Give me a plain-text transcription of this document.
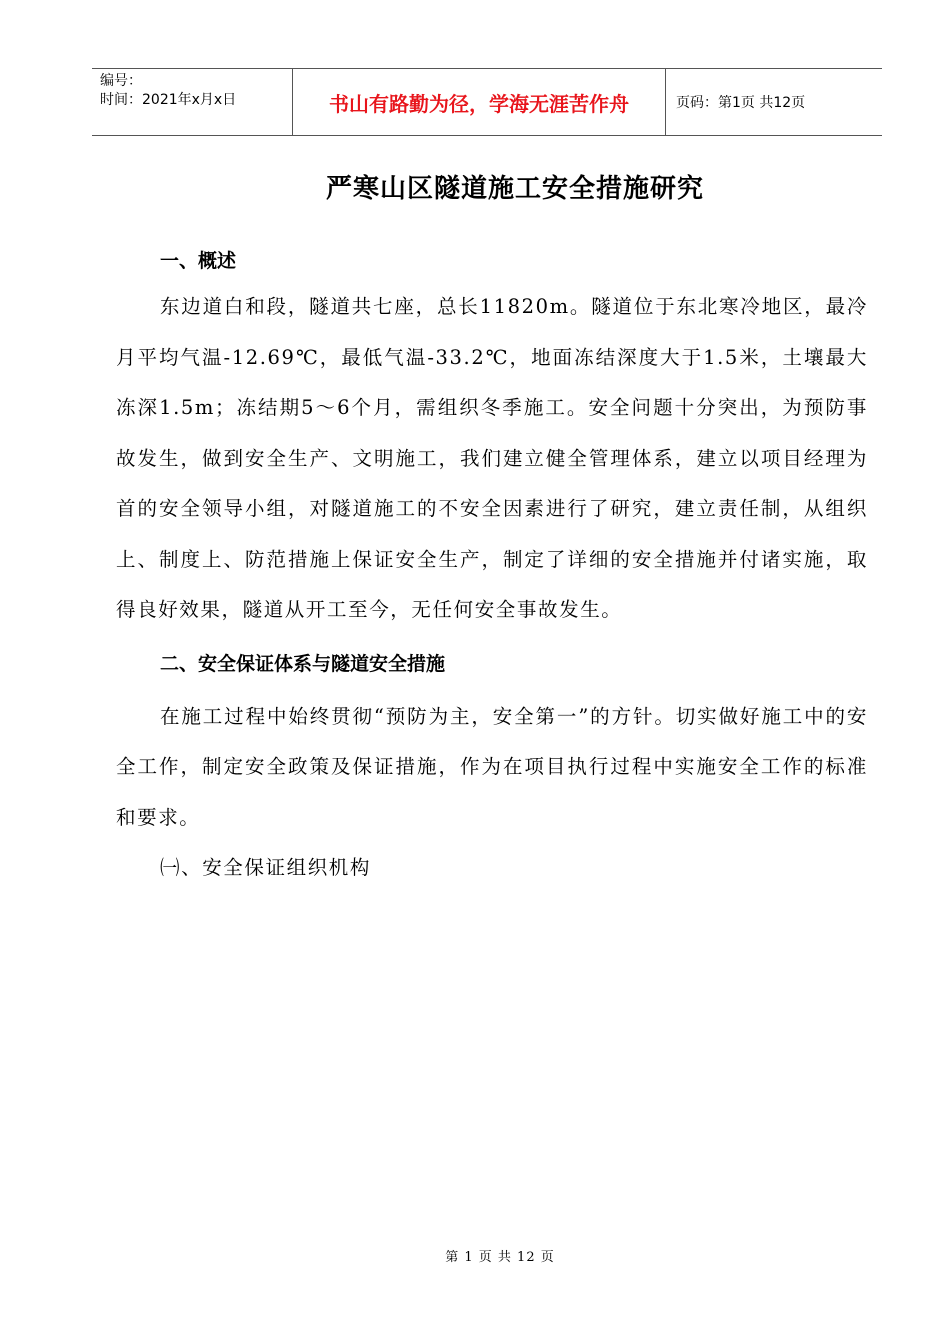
编号：
时间：2021年x月x日	书山有路勤为径，学海无涯苦作舟	页码：第1页 共12页
严寒山区隧道施工安全措施研究

一、概述

东边道白和段，隧道共七座，总长11820m。隧道位于东北寒冷地区，最冷月平均气温-12.69℃，最低气温-33.2℃，地面冻结深度大于1.5米，土壤最大冻深1.5m；冻结期5～6个月，需组织冬季施工。安全问题十分突出，为预防事故发生，做到安全生产、文明施工，我们建立健全管理体系，建立以项目经理为首的安全领导小组，对隧道施工的不安全因素进行了研究，建立责任制，从组织上、制度上、防范措施上保证安全生产，制定了详细的安全措施并付诸实施，取得良好效果，隧道从开工至今，无任何安全事故发生。

二、安全保证体系与隧道安全措施

在施工过程中始终贯彻“预防为主，安全第一”的方针。切实做好施工中的安全工作，制定安全政策及保证措施，作为在项目执行过程中实施安全工作的标准和要求。

㈠、安全保证组织机构

第 1 页 共 12 页
